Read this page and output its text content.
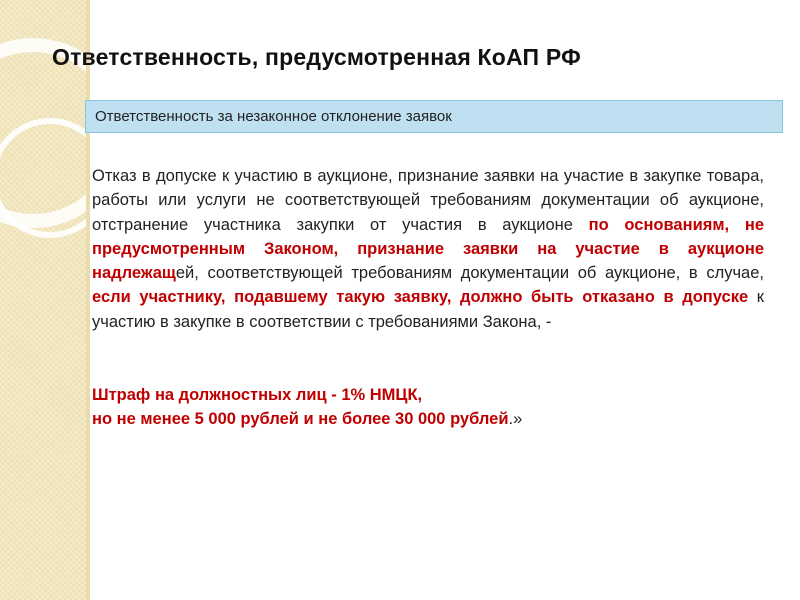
Ответственность, предусмотренная КоАП РФ
Ответственность за незаконное отклонение заявок
Отказ в допуске к участию в аукционе, признание заявки на участие в закупке товара, работы или услуги не соответствующей требованиям документации об аукционе, отстранение участника закупки от участия в аукционе по основаниям, не предусмотренным Законом, признание заявки на участие в аукционе надлежащей, соответствующей требованиям документации об аукционе, в случае, если участнику, подавшему такую заявку, должно быть отказано в допуске к участию в закупке в соответствии с требованиями Закона, -
Штраф на должностных лиц - 1% НМЦК,
но не менее 5 000 рублей и не более 30 000 рублей.»
